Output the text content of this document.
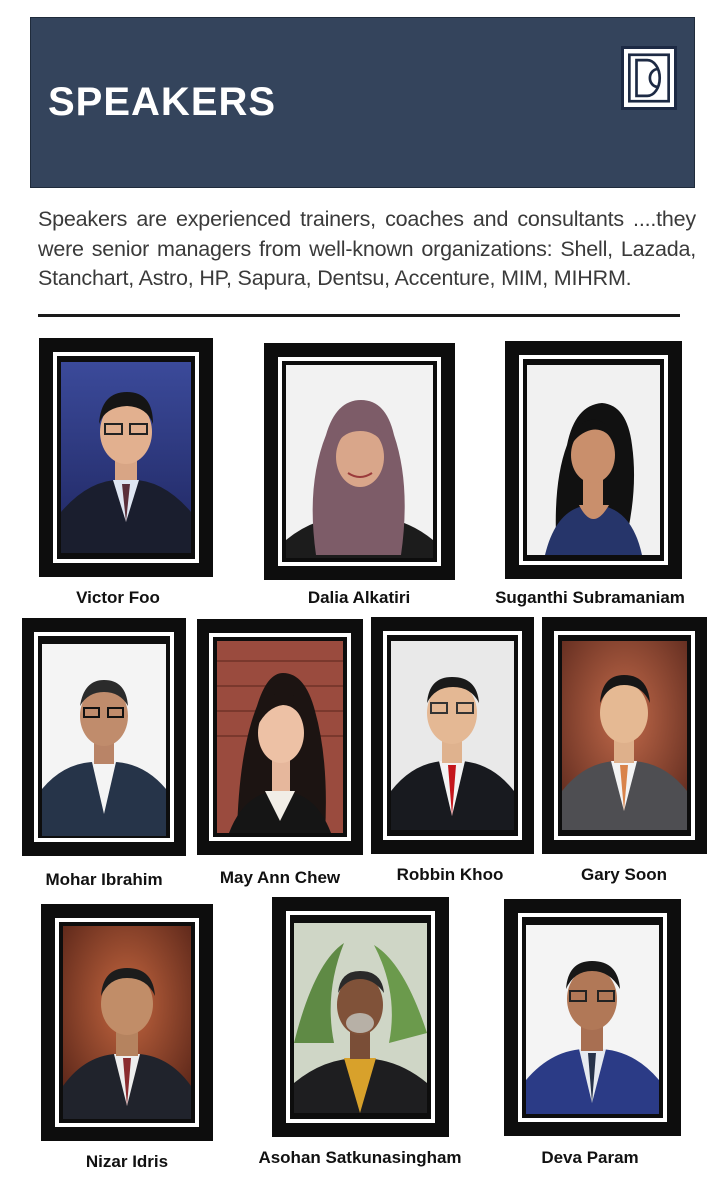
SPEAKERS

Speakers are experienced trainers, coaches and consultants ....they were senior managers from well-known organizations: Shell, Lazada, Stanchart, Astro, HP, Sapura, Dentsu, Accenture, MIM, MIHRM.

Victor Foo	Dalia Alkatiri	Suganthi Subramaniam
Mohar Ibrahim	May Ann Chew	Robbin Khoo	Gary Soon
Nizar Idris	Asohan Satkunasingham	Deva Param
